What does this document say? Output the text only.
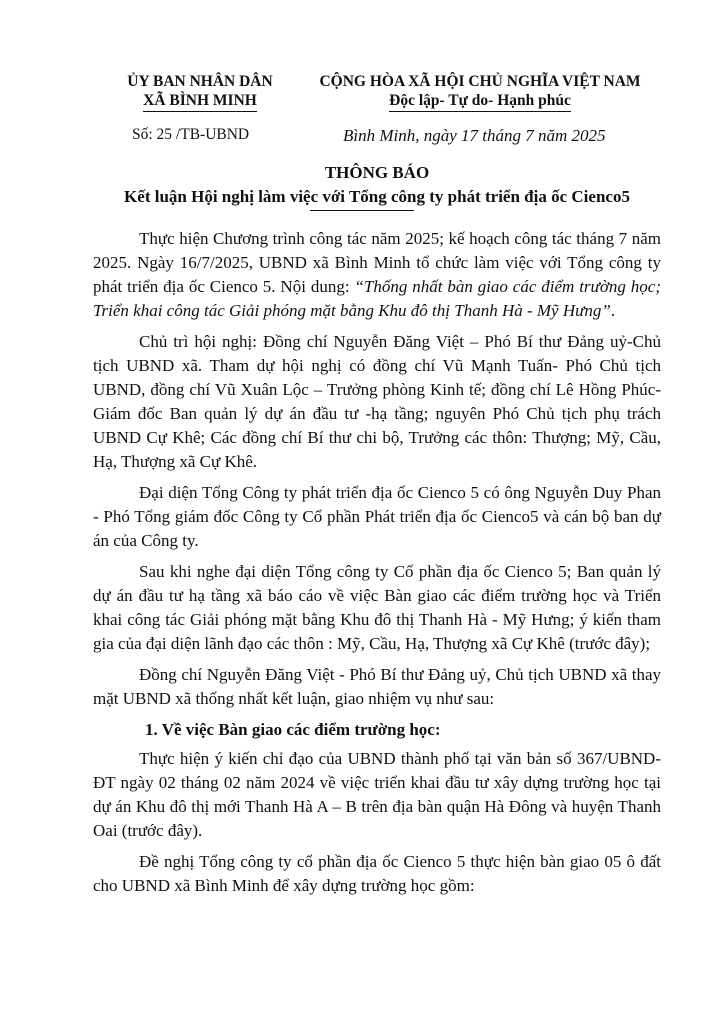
ỦY BAN NHÂN DÂN
XÃ BÌNH MINH
CỘNG HÒA XÃ HỘI CHỦ NGHĨA VIỆT NAM
Độc lập- Tự do- Hạnh phúc
Số: 25 /TB-UBND	Bình Minh, ngày 17 tháng 7 năm 2025
THÔNG BÁO
Kết luận Hội nghị làm việc với Tổng công ty phát triển địa ốc Cienco5

Thực hiện Chương trình công tác năm 2025; kế hoạch công tác tháng 7 năm 2025. Ngày 16/7/2025, UBND xã Bình Minh tổ chức làm việc với Tổng công ty phát triển địa ốc Cienco 5. Nội dung: “Thống nhất bàn giao các điểm trường học; Triển khai công tác Giải phóng mặt bằng Khu đô thị Thanh Hà - Mỹ Hưng”.

Chủ trì hội nghị: Đồng chí Nguyễn Đăng Việt – Phó Bí thư Đảng uỷ-Chủ tịch UBND xã. Tham dự hội nghị có đồng chí Vũ Mạnh Tuấn- Phó Chủ tịch UBND, đồng chí Vũ Xuân Lộc – Trưởng phòng Kinh tế; đồng chí Lê Hồng Phúc- Giám đốc Ban quản lý dự án đầu tư -hạ tầng; nguyên Phó Chủ tịch phụ trách UBND Cự Khê; Các đồng chí Bí thư chi bộ, Trưởng các thôn: Thượng; Mỹ, Cầu, Hạ, Thượng xã Cự Khê.

Đại diện Tổng Công ty phát triển địa ốc Cienco 5 có ông Nguyễn Duy Phan - Phó Tổng giám đốc Công ty Cổ phần Phát triển địa ốc Cienco5 và cán bộ ban dự án của Công ty.

Sau khi nghe đại diện Tổng công ty Cổ phần địa ốc Cienco 5; Ban quản lý dự án đầu tư hạ tầng xã báo cáo về việc Bàn giao các điểm trường học và Triển khai công tác Giải phóng mặt bằng Khu đô thị Thanh Hà - Mỹ Hưng; ý kiến tham gia của đại diện lãnh đạo các thôn : Mỹ, Cầu, Hạ, Thượng xã Cự Khê (trước đây);

Đồng chí Nguyễn Đăng Việt - Phó Bí thư Đảng uỷ, Chủ tịch UBND xã thay mặt UBND xã thống nhất kết luận, giao nhiệm vụ như sau:

1. Về việc Bàn giao các điểm trường học:

Thực hiện ý kiến chỉ đạo của UBND thành phố tại văn bản số 367/UBND-ĐT ngày 02 tháng 02 năm 2024 về việc triển khai đầu tư xây dựng trường học tại dự án Khu đô thị mới Thanh Hà A – B trên địa bàn quận Hà Đông và huyện Thanh Oai (trước đây).

Đề nghị Tổng công ty cổ phần địa ốc Cienco 5 thực hiện bàn giao 05 ô đất cho UBND xã Bình Minh để xây dựng trường học gồm:
